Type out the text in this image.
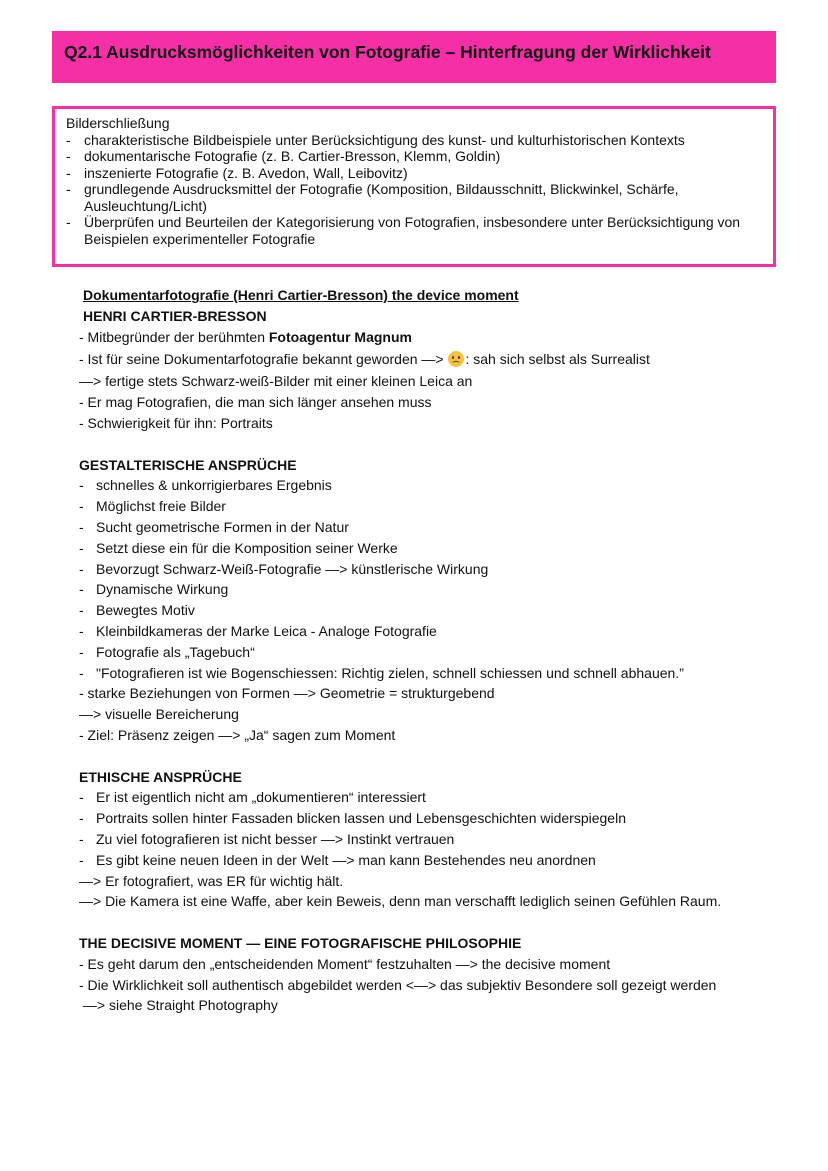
Q2.1 Ausdrucksmöglichkeiten von Fotografie – Hinterfragung der Wirklichkeit
Bilderschließung
- charakteristische Bildbeispiele unter Berücksichtigung des kunst- und kulturhistorischen Kontexts
- dokumentarische Fotografie (z. B. Cartier-Bresson, Klemm, Goldin)
- inszenierte Fotografie (z. B. Avedon, Wall, Leibovitz)
- grundlegende Ausdrucksmittel der Fotografie (Komposition, Bildausschnitt, Blickwinkel, Schärfe, Ausleuchtung/Licht)
- Überprüfen und Beurteilen der Kategorisierung von Fotografien, insbesondere unter Berücksichtigung von Beispielen experimenteller Fotografie
Dokumentarfotografie (Henri Cartier-Bresson) the device moment
HENRI CARTIER-BRESSON
- Mitbegründer der berühmten Fotoagentur Magnum
- Ist für seine Dokumentarfotografie bekannt geworden —>
: sah sich selbst als Surrealist
—> fertige stets Schwarz-weiß-Bilder mit einer kleinen Leica an
- Er mag Fotografien, die man sich länger ansehen muss
- Schwierigkeit für ihn: Portraits
GESTALTERISCHE ANSPRÜCHE
- schnelles & unkorrigierbares Ergebnis
- Möglichst freie Bilder
- Sucht geometrische Formen in der Natur
- Setzt diese ein für die Komposition seiner Werke
- Bevorzugt Schwarz-Weiß-Fotografie —> künstlerische Wirkung
- Dynamische Wirkung
- Bewegtes Motiv
- Kleinbildkameras der Marke Leica - Analoge Fotografie
- Fotografie als „Tagebuch“
- "Fotografieren ist wie Bogenschiessen: Richtig zielen, schnell schiessen und schnell abhauen.”
- starke Beziehungen von Formen —> Geometrie = strukturgebend
—> visuelle Bereicherung
- Ziel: Präsenz zeigen —> „Ja“ sagen zum Moment
ETHISCHE ANSPRÜCHE
- Er ist eigentlich nicht am „dokumentieren“ interessiert
- Portraits sollen hinter Fassaden blicken lassen und Lebensgeschichten widerspiegeln
- Zu viel fotografieren ist nicht besser —> Instinkt vertrauen
- Es gibt keine neuen Ideen in der Welt —> man kann Bestehendes neu anordnen
—> Er fotografiert, was ER für wichtig hält.
—> Die Kamera ist eine Waffe, aber kein Beweis, denn man verschafft lediglich seinen Gefühlen Raum.
THE DECISIVE MOMENT — EINE FOTOGRAFISCHE PHILOSOPHIE
- Es geht darum den „entscheidenden Moment“ festzuhalten —> the decisive moment
- Die Wirklichkeit soll authentisch abgebildet werden <—> das subjektiv Besondere soll gezeigt werden
—> siehe Straight Photography
